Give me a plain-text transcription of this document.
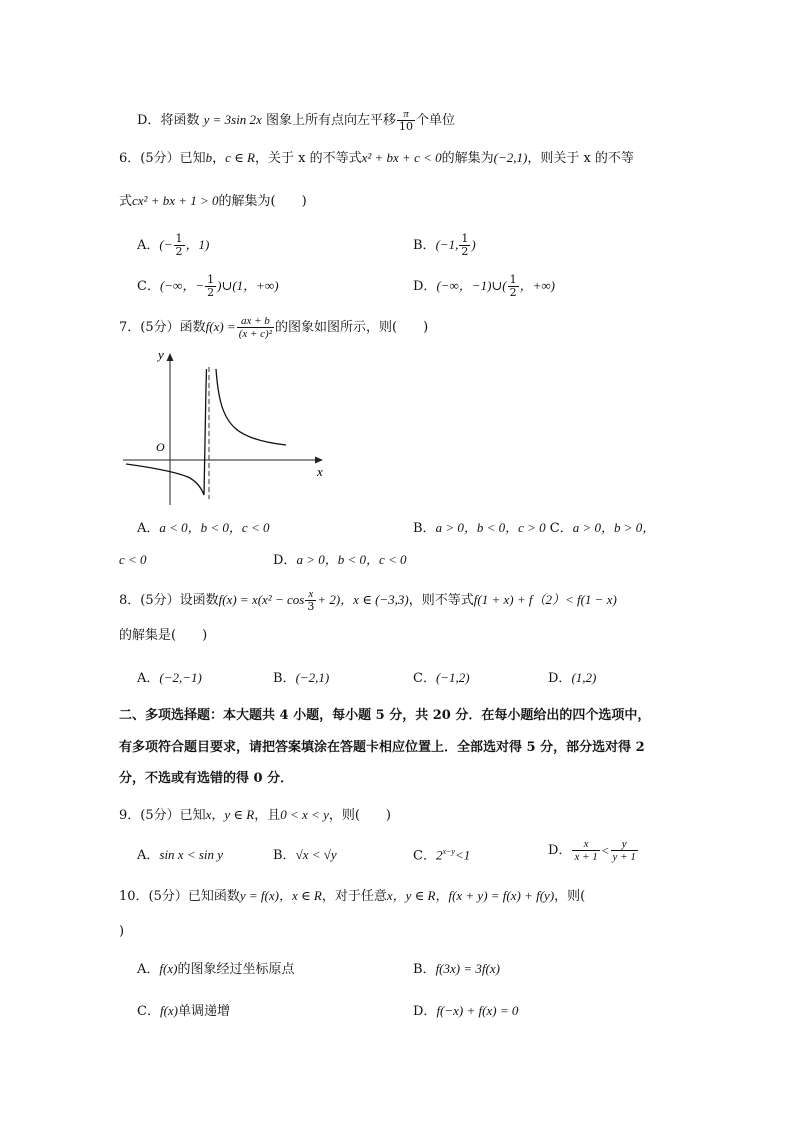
D．将函数 y = 3sin 2x 图象上所有点向左平移 $\frac{\pi}{10}$ 个单位
6．(5分）已知b，c ∈ R，关于 x 的不等式x² + bx + c < 0的解集为(−2,1)，则关于 x 的不等
式cx² + bx + 1 > 0的解集为(　　)
A．(− $\frac{1}{2}$ ，1)	B．(−1, $\frac{1}{2}$ )
C．(−∞，− $\frac{1}{2}$ )∪(1，+∞)	D．(−∞，−1)∪( $\frac{1}{2}$ ，+∞)
7．(5分）函数$f(x) = \frac{ax + b}{\text{(x + c)²}}$ 的图象如图所示，则(　　)
y
x
O
A．a < 0，b < 0，c < 0	B．a > 0，b < 0，c > 0 C．a > 0，b > 0，
c < 0	D．a > 0，b < 0，c < 0
8．(5分）设函数$f(x) = x(x^2 - \cos \frac{x}{3} + 2)$，x ∈ (−3,3)，则不等式f(1 + x) + f（2）< f(1 − x)
的解集是(　　)
A．(−2,−1)	B．(−2,1)	C．(−1,2)	D．(1,2)
二、多项选择题：本大题共 4 小题，每小题 5 分，共 20 分．在每小题给出的四个选项中，
有多项符合题目要求，请把答案填涂在答题卡相应位置上．全部选对得 5 分，部分选对得 2
分，不选或有选错的得 0 分．
9．(5分）已知x，y ∈ R，且0 < x < y，则(　　)
A．sin x < sin y	B．√x < √y	C．$2^{x-y}<1$	D． $\frac{x}{x + 1} < \frac{y}{y + 1}$
10．(5分）已知函数y = f(x)，x ∈ R，对于任意x，y ∈ R，f(x + y) = f(x) + f(y)，则(
)
A．f(x)的图象经过坐标原点	B．f(3x) = 3f(x)
C．f(x)单调递增	D．f(−x) + f(x) = 0
